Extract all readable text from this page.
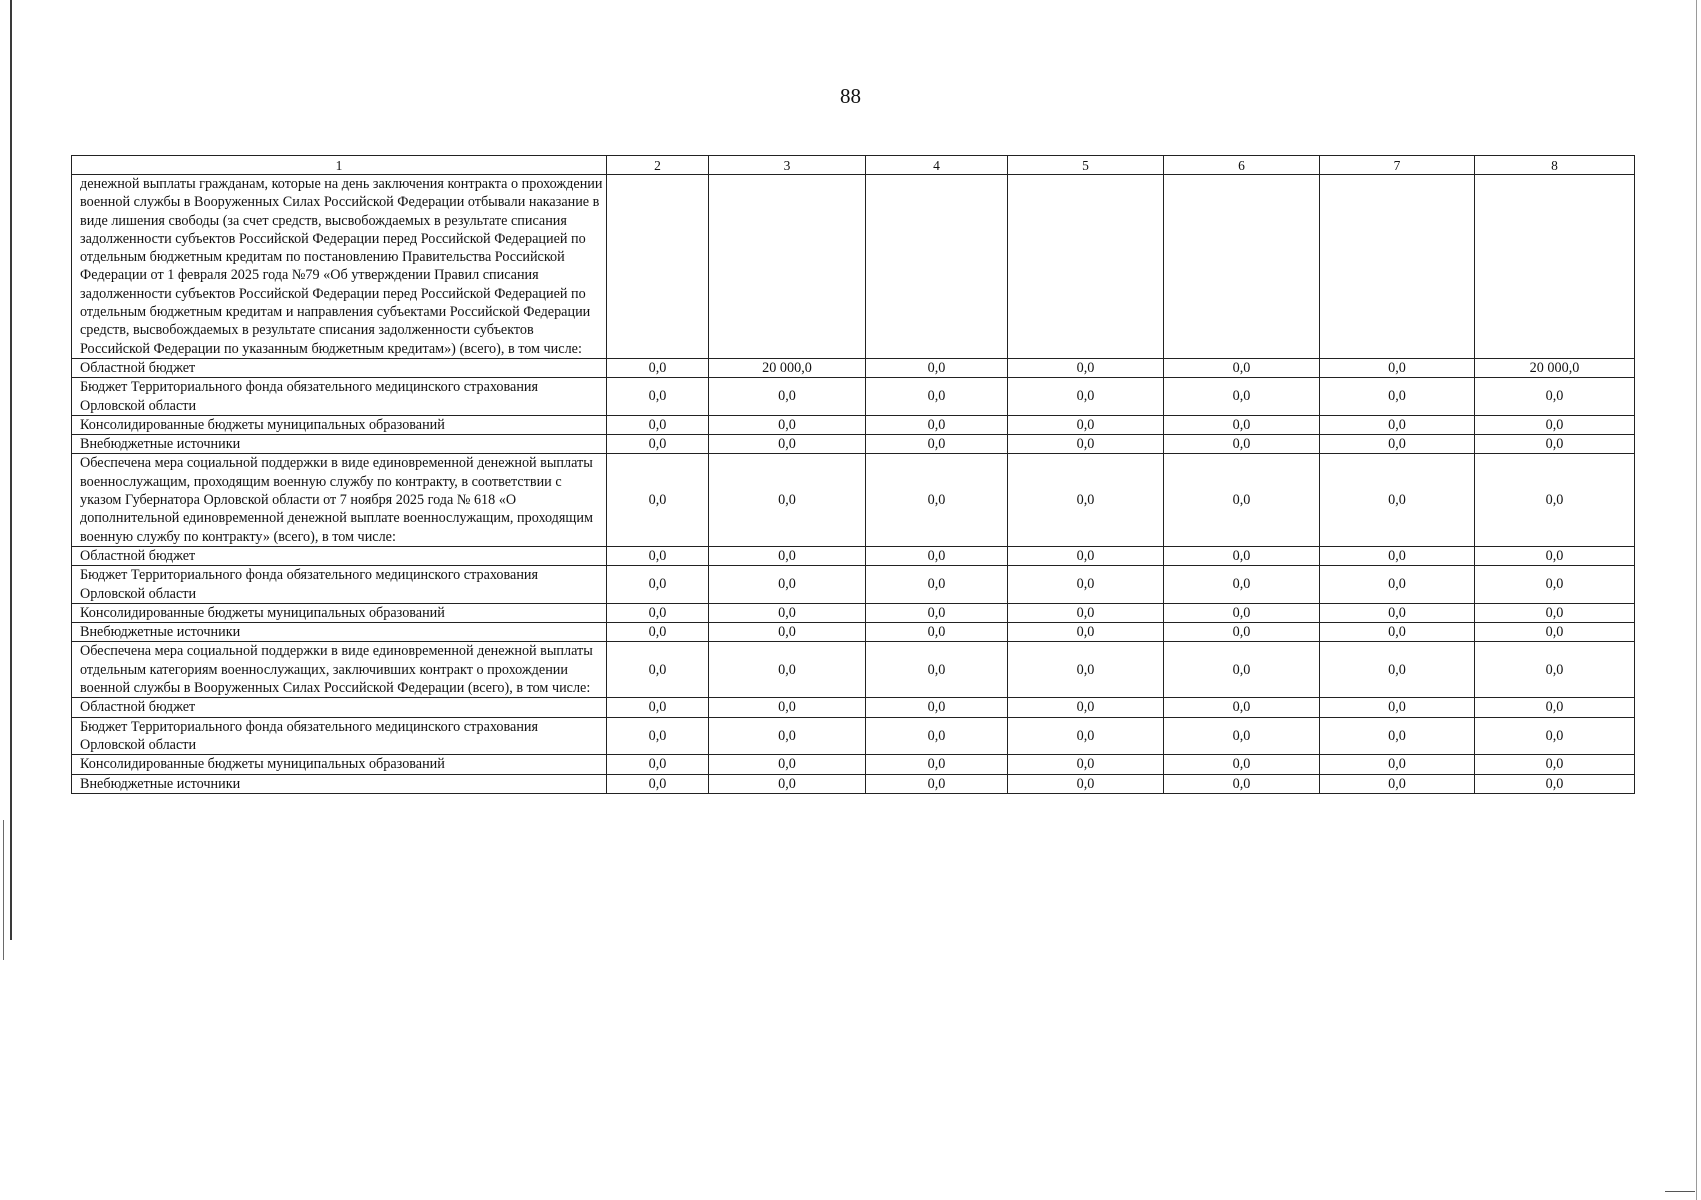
88
1	2	3	4	5	6	7	8
денежной выплаты гражданам, которые на день заключения контракта о прохождении военной службы в Вооруженных Силах Российской Федерации отбывали наказание в виде лишения свободы (за счет средств, высвобождаемых в результате списания задолженности субъектов Российской Федерации перед Российской Федерацией по отдельным бюджетным кредитам по постановлению Правительства Российской Федерации от 1 февраля 2025 года №79 «Об утверждении Правил списания задолженности субъектов Российской Федерации перед Российской Федерацией по отдельным бюджетным кредитам и направления субъектами Российской Федерации средств, высвобождаемых в результате списания задолженности субъектов Российской Федерации по указанным бюджетным кредитам») (всего), в том числе:							
Областной бюджет	0,0	20 000,0	0,0	0,0	0,0	0,0	20 000,0
Бюджет Территориального фонда обязательного медицинского страхования Орловской области	0,0	0,0	0,0	0,0	0,0	0,0	0,0
Консолидированные бюджеты муниципальных образований	0,0	0,0	0,0	0,0	0,0	0,0	0,0
Внебюджетные источники	0,0	0,0	0,0	0,0	0,0	0,0	0,0
Обеспечена мера социальной поддержки в виде единовременной денежной выплаты военнослужащим, проходящим военную службу по контракту, в соответствии с указом Губернатора Орловской области от 7 ноября 2025 года № 618 «О дополнительной единовременной денежной выплате военнослужащим, проходящим военную службу по контракту» (всего), в том числе:	0,0	0,0	0,0	0,0	0,0	0,0	0,0
Областной бюджет	0,0	0,0	0,0	0,0	0,0	0,0	0,0
Бюджет Территориального фонда обязательного медицинского страхования Орловской области	0,0	0,0	0,0	0,0	0,0	0,0	0,0
Консолидированные бюджеты муниципальных образований	0,0	0,0	0,0	0,0	0,0	0,0	0,0
Внебюджетные источники	0,0	0,0	0,0	0,0	0,0	0,0	0,0
Обеспечена мера социальной поддержки в виде единовременной денежной выплаты отдельным категориям военнослужащих, заключивших контракт о прохождении военной службы в Вооруженных Силах Российской Федерации (всего), в том числе:	0,0	0,0	0,0	0,0	0,0	0,0	0,0
Областной бюджет	0,0	0,0	0,0	0,0	0,0	0,0	0,0
Бюджет Территориального фонда обязательного медицинского страхования Орловской области	0,0	0,0	0,0	0,0	0,0	0,0	0,0
Консолидированные бюджеты муниципальных образований	0,0	0,0	0,0	0,0	0,0	0,0	0,0
Внебюджетные источники	0,0	0,0	0,0	0,0	0,0	0,0	0,0
